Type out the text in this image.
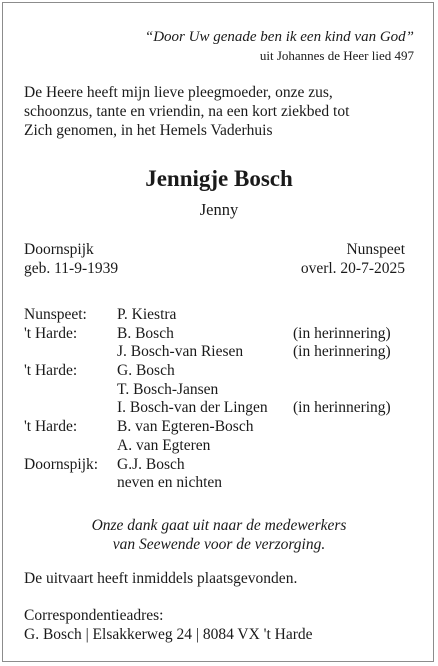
“Door Uw genade ben ik een kind van God”
uit Johannes de Heer lied 497
De Heere heeft mijn lieve pleegmoeder, onze zus,
schoonzus, tante en vriendin, na een kort ziekbed tot
Zich genomen, in het Hemels Vaderhuis
Jennigje Bosch
Jenny
Doornspijk	Nunspeet
geb. 11-9-1939	overl. 20-7-2025
Nunspeet: P. Kiestra
't Harde:	B. Bosch	(in herinnering)
J. Bosch-van Riesen	(in herinnering)
't Harde:	G. Bosch
T. Bosch-Jansen
I. Bosch-van der Lingen (in herinnering)
't Harde:	B. van Egteren-Bosch
A. van Egteren
Doornspijk: G.J. Bosch
neven en nichten
Onze dank gaat uit naar de medewerkers
van Seewende voor de verzorging.
De uitvaart heeft inmiddels plaatsgevonden.
Correspondentieadres:
G. Bosch | Elsakkerweg 24 | 8084 VX 't Harde
